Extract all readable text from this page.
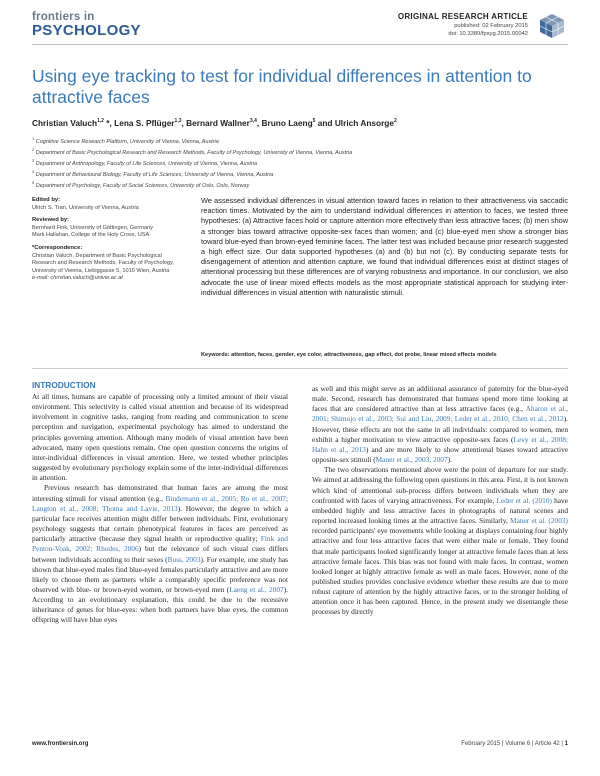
frontiers in
PSYCHOLOGY
ORIGINAL RESEARCH ARTICLE
published: 02 February 2015
doi: 10.3389/fpsyg.2015.00042
Using eye tracking to test for individual differences in attention to attractive faces
Christian Valuch$^{1,2}$ *, Lena S. Pflüger$^{1,3}$, Bernard Wallner$^{3,4}$, Bruno Laeng$^5$ and Ulrich Ansorge$^2$
$^1$ Cognitive Science Research Platform, University of Vienna, Vienna, Austria
$^2$ Department of Basic Psychological Research and Research Methods, Faculty of Psychology, University of Vienna, Vienna, Austria
$^3$ Department of Anthropology, Faculty of Life Sciences, University of Vienna, Vienna, Austria
$^4$ Department of Behavioural Biology, Faculty of Life Sciences, University of Vienna, Vienna, Austria
$^5$ Department of Psychology, Faculty of Social Sciences, University of Oslo, Oslo, Norway
Edited by:
Ulrich S. Tran, University of Vienna, Austria
Reviewed by:
Bernhard Fink, University of Göttingen, Germany
Mark Hallahan, College of the Holy Cross, USA
*Correspondence:
Christian Valuch, Department of Basic Psychological Research and Research Methods, Faculty of Psychology, University of Vienna, Liebiggasse 5, 1010 Wien, Austria
e-mail: christian.valuch@univie.ac.at
We assessed individual differences in visual attention toward faces in relation to their attractiveness via saccadic reaction times. Motivated by the aim to understand individual differences in attention to faces, we tested three hypotheses: (a) Attractive faces hold or capture attention more effectively than less attractive faces; (b) men show a stronger bias toward attractive opposite-sex faces than women; and (c) blue-eyed men show a stronger bias toward blue-eyed than brown-eyed feminine faces. The latter test was included because prior research suggested a high effect size. Our data supported hypotheses (a) and (b) but not (c). By conducting separate tests for disengagement of attention and attention capture, we found that individual differences exist at distinct stages of attentional processing but these differences are of varying robustness and importance. In our conclusion, we also advocate the use of linear mixed effects models as the most appropriate statistical approach for studying inter-individual differences in visual attention with naturalistic stimuli.
Keywords: attention, faces, gender, eye color, attractiveness, gap effect, dot probe, linear mixed effects models
INTRODUCTION

At all times, humans are capable of processing only a limited amount of their visual environment. This selectivity is called visual attention and because of its widespread involvement in cognitive tasks, ranging from reading and communication to scene perception and navigation, experimental psychology has aimed to understand the principles governing attention. Although many models of visual attention have been advocated, many open questions remain. One open question concerns the origins of inter-individual differences in visual attention. Here, we tested whether principles suggested by evolutionary psychology explain some of the inter-individual differences in attention.

Previous research has demonstrated that human faces are among the most interesting stimuli for visual attention (e.g., Bindemann et al., 2005; Ro et al., 2007; Langton et al., 2008; Thoma and Lavie, 2013). However, the degree to which a particular face receives attention might differ between individuals. First, evolutionary psychology suggests that certain phenotypical features in faces are perceived as particularly attractive (because they signal health or reproductive quality; Fink and Penton-Voak, 2002; Rhodes, 2006) but the relevance of such visual cues differs between individuals according to their sexes (Buss, 2003). For example, one study has shown that blue-eyed males find blue-eyed females particularly attractive and are more likely to choose them as partners while a comparably specific preference was not observed with blue- or brown-eyed women, or brown-eyed men (Laeng et al., 2007). According to an evolutionary explanation, this could be due to the recessive inheritance of genes for blue-eyes: when both partners have blue eyes, the common offspring will have blue eyes

as well and this might serve as an additional assurance of paternity for the blue-eyed male. Second, research has demonstrated that humans spend more time looking at faces that are considered attractive than at less attractive faces (e.g., Aharon et al., 2001; Shimojo et al., 2003; Sui and Liu, 2009; Leder et al., 2010; Chen et al., 2012). However, these effects are not the same in all individuals: compared to women, men exhibit a higher motivation to view attractive opposite-sex faces (Levy et al., 2008; Hahn et al., 2013) and are more likely to show attentional biases toward attractive opposite-sex stimuli (Maner et al., 2003, 2007).

The two observations mentioned above were the point of departure for our study. We aimed at addressing the following open questions in this area. First, it is not known which kind of attentional sub-process differs between individuals when they are confronted with faces of varying attractiveness. For example, Leder et al. (2010) have embedded highly and less attractive faces in photographs of natural scenes and reported increased looking times at the attractive faces. Similarly, Maner et al. (2003) recorded participants' eye movements while looking at displays containing four highly attractive and four less attractive faces that were either male or female. They found that male participants looked significantly longer at attractive female faces than at less attractive female faces. This bias was not found with male faces. In contrast, women looked longer at highly attractive female as well as male faces. However, none of the published studies provides conclusive evidence whether these results are due to more robust capture of attention by the highly attractive faces, or to the stronger holding of attention once it has been captured. Hence, in the present study we disentangle these processes by directly

www.frontiersin.org	February 2015 | Volume 6 | Article 42 | 1
